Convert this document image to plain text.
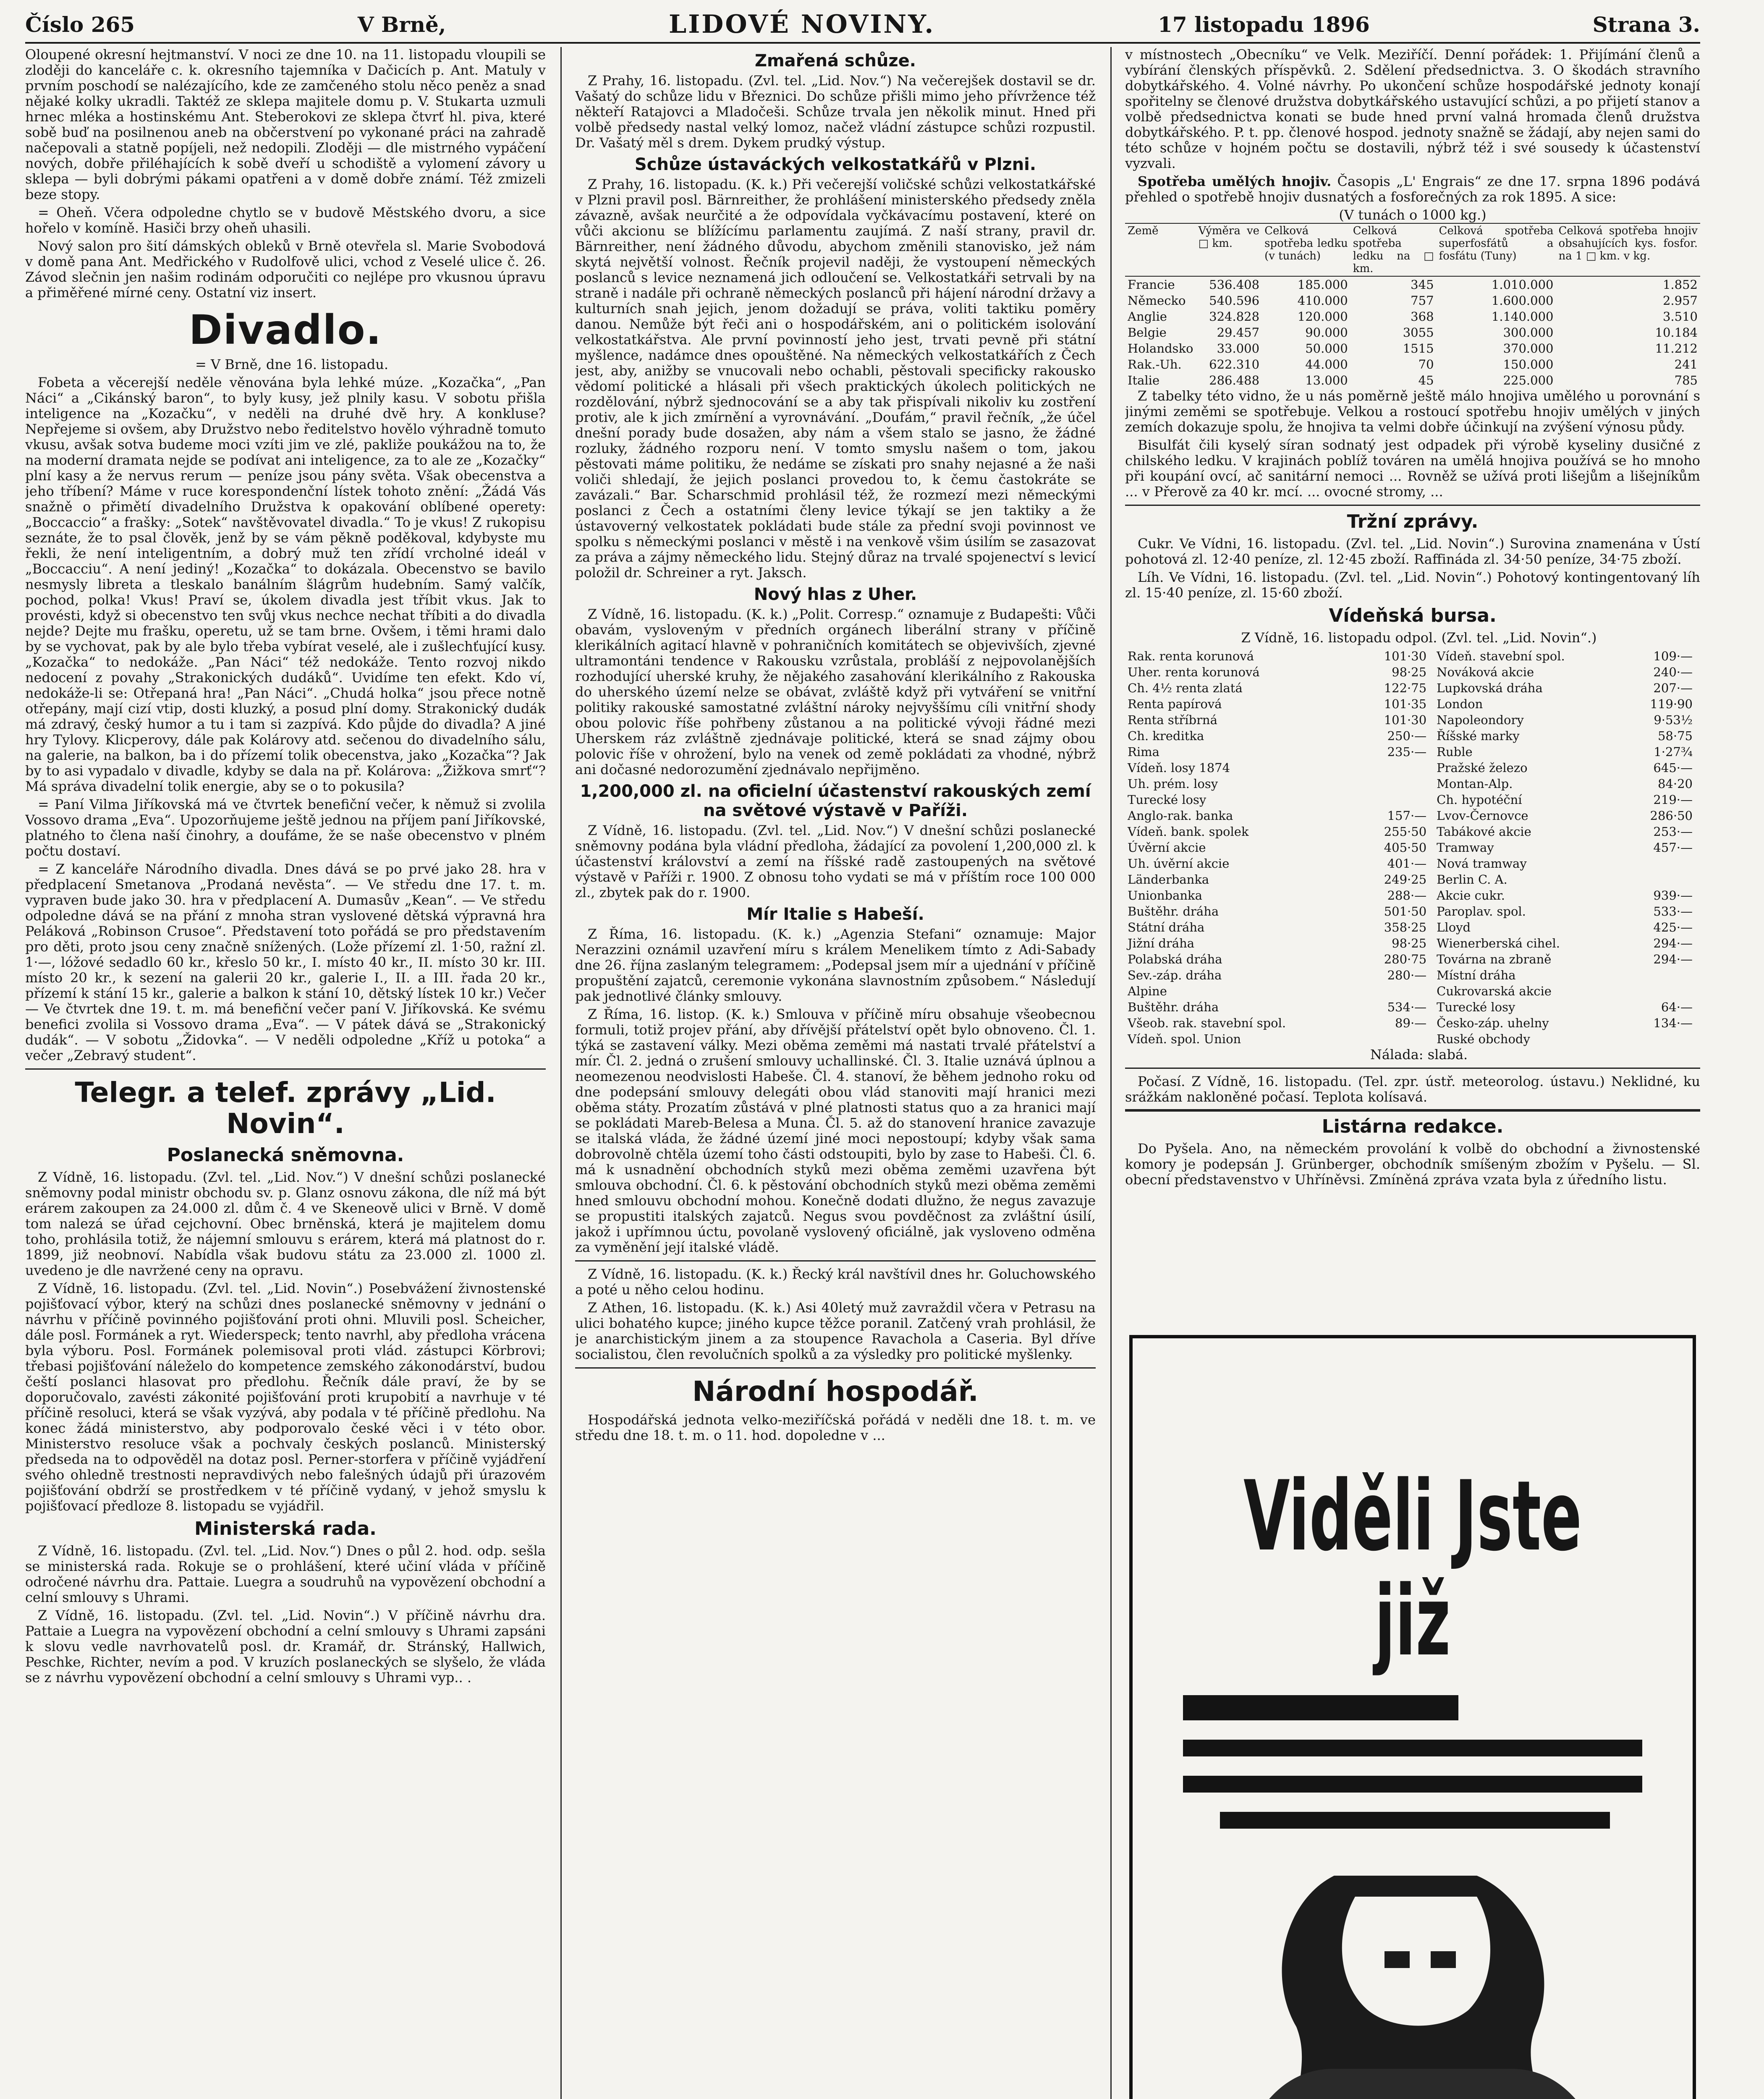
Číslo 265	V Brně,	LIDOVÉ NOVINY.	17 listopadu 1896	Strana 3.

Oloupené okresní hejtmanství. V noci ze dne 10. na 11. listopadu vloupili se zloději do kanceláře c. k. okresního tajemníka v Dačicích p. Ant. Matuly v prvním poschodí se nalézajícího, kde ze zamčeného stolu něco peněz a snad nějaké kolky ukradli. Taktéž ze sklepa majitele domu p. V. Stukarta uzmuli hrnec mléka a hostinskému Ant. Steberokovi ze sklepa čtvrť hl. piva, které sobě buď na posilnenou aneb na občerstvení po vykonané práci na zahradě načepovali a statně popíjeli, než nedopili. Zloději — dle mistrného vypáčení nových, dobře přiléhajících k sobě dveří u schodiště a vylomení závory u sklepa — byli dobrými pákami opatřeni a v domě dobře známí. Též zmizeli beze stopy.

= Oheň. Včera odpoledne chytlo se v budově Městského dvoru, a sice hořelo v komíně. Hasiči brzy oheň uhasili.

Nový salon pro šití dámských obleků v Brně otevřela sl. Marie Svobodová v domě pana Ant. Medřického v Rudolfově ulici, vchod z Veselé ulice č. 26. Závod slečnin jen našim rodinám odporučiti co nejlépe pro vkusnou úpravu a přiměřené mírné ceny. Ostatní viz insert.

Divadlo.

= V Brně, dne 16. listopadu.

Fobeta a věcerejší neděle věnována byla lehké múze. „Kozačka“, „Pan Náci“ a „Cikánský baron“, to byly kusy, jež plnily kasu. V sobotu přišla inteligence na „Kozačku“, v neděli na druhé dvě hry. A konkluse? Nepřejeme si ovšem, aby Družstvo nebo ředitelstvo hovělo výhradně tomuto vkusu, avšak sotva budeme moci vzíti jim ve zlé, pakliže poukážou na to, že na moderní dramata nejde se podívat ani inteligence, za to ale ze „Kozačky“ plní kasy a že nervus rerum — peníze jsou pány světa. Však obecenstva a jeho tříbení? Máme v ruce korespondenční lístek tohoto znění: „Žádá Vás snažně o přimětí divadelního Družstva k opakování oblíbené operety: „Boccaccio“ a frašky: „Sotek“ navštěvovatel divadla.“ To je vkus! Z rukopisu seznáte, že to psal člověk, jenž by se vám pěkně poděkoval, kdybyste mu řekli, že není inteligentním, a dobrý muž ten zřídí vrcholné ideál v „Boccacciu“. A není jediný! „Kozačka“ to dokázala. Obecenstvo se bavilo nesmysly libreta a tleskalo banálním šlágrům hudebním. Samý valčík, pochod, polka! Vkus! Praví se, úkolem divadla jest tříbit vkus. Jak to provésti, když si obecenstvo ten svůj vkus nechce nechat tříbiti a do divadla nejde? Dejte mu frašku, operetu, už se tam brne. Ovšem, i těmi hrami dalo by se vychovat, pak by ale bylo třeba vybírat veselé, ale i zušlechťující kusy. „Kozačka“ to nedokáže. „Pan Náci“ též nedokáže. Tento rozvoj nikdo nedocení z povahy „Strakonických dudáků“. Uvidíme ten efekt. Kdo ví, nedokáže-li se: Otřepaná hra! „Pan Náci“. „Chudá holka“ jsou přece notně otřepány, mají cizí vtip, dosti kluzký, a posud plní domy. Strakonický dudák má zdravý, český humor a tu i tam si zazpívá. Kdo půjde do divadla? A jiné hry Tylovy. Klicperovy, dále pak Kolárovy atd. sečenou do divadelního sálu, na galerie, na balkon, ba i do přízemí tolik obecenstva, jako „Kozačka“? Jak by to asi vypadalo v divadle, kdyby se dala na př. Kolárova: „Žižkova smrť“? Má správa divadelní tolik energie, aby se o to pokusila?

= Paní Vilma Jiříkovská má ve čtvrtek benefiční večer, k němuž si zvolila Vossovo drama „Eva“. Upozorňujeme ještě jednou na příjem paní Jiříkovské, platného to člena naší činohry, a doufáme, že se naše obecenstvo v plném počtu dostaví.

= Z kanceláře Národního divadla. Dnes dává se po prvé jako 28. hra v předplacení Smetanova „Prodaná nevěsta“. — Ve středu dne 17. t. m. vypraven bude jako 30. hra v předplacení A. Dumasův „Kean“. — Ve středu odpoledne dává se na přání z mnoha stran vyslovené dětská výpravná hra Peláková „Robinson Crusoe“. Představení toto pořádá se pro představením pro děti, proto jsou ceny značně snížených. (Lože přízemí zl. 1·50, ražní zl. 1·—, lóžové sedadlo 60 kr., křeslo 50 kr., I. místo 40 kr., II. místo 30 kr. III. místo 20 kr., k sezení na galerii 20 kr., galerie I., II. a III. řada 20 kr., přízemí k stání 15 kr., galerie a balkon k stání 10, dětský lístek 10 kr.) Večer — Ve čtvrtek dne 19. t. m. má benefiční večer paní V. Jiříkovská. Ke svému benefici zvolila si Vossovo drama „Eva“. — V pátek dává se „Strakonický dudák“. — V sobotu „Židovka“. — V neděli odpoledne „Kříž u potoka“ a večer „Zebravý student“.

Telegr. a telef. zprávy „Lid. Novin“.
Poslanecká sněmovna.

Z Vídně, 16. listopadu. (Zvl. tel. „Lid. Nov.“) V dnešní schůzi poslanecké sněmovny podal ministr obchodu sv. p. Glanz osnovu zákona, dle níž má být erárem zakoupen za 24.000 zl. dům č. 4 ve Skeneově ulici v Brně. V domě tom nalezá se úřad cejchovní. Obec brněnská, která je majitelem domu toho, prohlásila totiž, že nájemní smlouvu s erárem, která má platnost do r. 1899, již neobnoví. Nabídla však budovu státu za 23.000 zl. 1000 zl. uvedeno je dle navržené ceny na opravu.

Z Vídně, 16. listopadu. (Zvl. tel. „Lid. Novin“.) Posebvážení živnostenské pojišťovací výbor, který na schůzi dnes poslanecké sněmovny v jednání o návrhu v příčině povinného pojišťování proti ohni. Mluvili posl. Scheicher, dále posl. Formánek a ryt. Wiederspeck; tento navrhl, aby předloha vrácena byla výboru. Posl. Formánek polemisoval proti vlád. zástupci Körbrovi; třebasi pojišťování náleželo do kompetence zemského zákonodárství, budou čeští poslanci hlasovat pro předlohu. Řečník dále praví, že by se doporučovalo, zavésti zákonité pojišťování proti krupobití a navrhuje v té příčině resoluci, která se však vyzývá, aby podala v té příčině předlohu. Na konec žádá ministerstvo, aby podporovalo české věci i v této obor. Ministerstvo resoluce však a pochvaly českých poslanců. Ministerský předseda na to odpověděl na dotaz posl. Perner-storfera v příčině vyjádření svého ohledně trestnosti nepravdivých nebo falešných údajů při úrazovém pojišťování obdrží se prostředkem v té příčině vydaný, v jehož smyslu k pojišťovací předloze 8. listopadu se vyjádřil.

Ministerská rada.

Z Vídně, 16. listopadu. (Zvl. tel. „Lid. Nov.“) Dnes o půl 2. hod. odp. sešla se ministerská rada. Rokuje se o prohlášení, které učiní vláda v příčině odročené návrhu dra. Pattaie. Luegra a soudruhů na vypovězení obchodní a celní smlouvy s Uhrami.

Z Vídně, 16. listopadu. (Zvl. tel. „Lid. Novin“.) V příčině návrhu dra. Pattaie a Luegra na vypovězení obchodní a celní smlouvy s Uhrami zapsáni k slovu vedle navrhovatelů posl. dr. Kramář, dr. Stránský, Hallwich, Peschke, Richter, nevím a pod. V kruzích poslaneckých se slyšelo, že vláda se z návrhu vypovězení obchodní a celní smlouvy s Uhrami vyp.. .

Zmařená schůze.

Z Prahy, 16. listopadu. (Zvl. tel. „Lid. Nov.“) Na večerejšek dostavil se dr. Vašatý do schůze lidu v Březnici. Do schůze přišli mimo jeho přívržence též někteří Ratajovci a Mladočeši. Schůze trvala jen několik minut. Hned při volbě předsedy nastal velký lomoz, načež vládní zástupce schůzi rozpustil. Dr. Vašatý měl s drem. Dykem prudký výstup.

Schůze ústaváckých velkostatkářů v Plzni.

Z Prahy, 16. listopadu. (K. k.) Při večerejší voličské schůzi velkostatkářské v Plzni pravil posl. Bärnreither, že prohlášení ministerského předsedy zněla závazně, avšak neurčité a že odpovídala vyčkávacímu postavení, které on vůči akcionu se blížícímu parlamentu zaujímá. Z naší strany, pravil dr. Bärnreither, není žádného důvodu, abychom změnili stanovisko, jež nám skytá největší volnost. Řečník projevil naději, že vystoupení německých poslanců s levice neznamená jich odloučení se. Velkostatkáři setrvali by na straně i nadále při ochraně německých poslanců při hájení národní državy a kulturních snah jejich, jenom dožadují se práva, voliti taktiku pomĕry danou. Nemůže být řeči ani o hospodářském, ani o politickém isolování velkostatkářstva. Ale první povinností jeho jest, trvati pevně při státní myšlence, nadámce dnes opouštěné. Na německých velkostatkářích z Čech jest, aby, anižby se vnucovali nebo ochabli, pěstovali specificky rakousko vědomí politické a hlásali při všech praktických úkolech politických ne rozdělování, nýbrž sjednocování se a aby tak přispívali nikoliv ku zostření protiv, ale k jich zmírnění a vyrovnávání. „Doufám,“ pravil řečník, „že účel dnešní porady bude dosažen, aby nám a všem stalo se jasno, že žádné rozluky, žádného rozporu není. V tomto smyslu našem o tom, jakou pěstovati máme politiku, že nedáme se získati pro snahy nejasné a že naši voliči shledají, že jejich poslanci provedou to, k čemu častokráte se zavázali.“ Bar. Scharschmid prohlásil též, že rozmezí mezi německými poslanci z Čech a ostatními členy levice týkají se jen taktiky a že ústavoverný velkostatek pokládati bude stále za přední svoji povinnost ve spolku s německými poslanci v městě i na venkově všim úsilím se zasazovat za práva a zájmy německého lidu. Stejný důraz na trvalé spojenectví s levicí položil dr. Schreiner a ryt. Jaksch.

Nový hlas z Uher.

Z Vídně, 16. listopadu. (K. k.) „Polit. Corresp.“ oznamuje z Budapešti: Vůči obavám, vysloveným v předních orgánech liberální strany v příčině klerikálních agitací hlavně v pohraničních komitátech se objevivších, zjevné ultramontáni tendence v Rakousku vzrůstala, probláší z nejpovolanějších rozhodující uherské kruhy, že nějakého zasahování klerikálního z Rakouska do uherského území nelze se obávat, zvláště když při vytváření se vnitřní politiky rakouské samostatné zvláštní nároky nejvyššímu cíli vnitřní shody obou polovic říše pohřbeny zůstanou a na politické vývoji řádné mezi Uherskem ráz zvláštně zjednávaje politické, která se snad zájmy obou polovic říše v ohrožení, bylo na venek od země pokládati za vhodné, nýbrž ani dočasné nedorozumění zjednávalo nepřijměno.

1,200,000 zl. na oficielní účastenství rakouských zemí na světové výstavě v Paříži.

Z Vídně, 16. listopadu. (Zvl. tel. „Lid. Nov.“) V dnešní schůzi poslanecké sněmovny podána byla vládní předloha, žádající za povolení 1,200,000 zl. k účastenství království a zemí na říšské radě zastoupených na světové výstavě v Paříži r. 1900. Z obnosu toho vydati se má v příštím roce 100 000 zl., zbytek pak do r. 1900.

Mír Italie s Habeší.

Z Říma, 16. listopadu. (K. k.) „Agenzia Stefani“ oznamuje: Major Nerazzini oznámil uzavření míru s králem Menelikem tímto z Adi-Sabady dne 26. října zaslaným telegramem: „Podepsal jsem mír a ujednání v příčině propuštění zajatců, ceremonie vykonána slavnostním způsobem.“ Následují pak jednotlivé články smlouvy.

Z Říma, 16. listop. (K. k.) Smlouva v příčině míru obsahuje všeobecnou formuli, totiž projev přání, aby dřívější přátelství opět bylo obnoveno. Čl. 1. týká se zastavení války. Mezi oběma zeměmi má nastati trvalé přátelství a mír. Čl. 2. jedná o zrušení smlouvy uchallinské. Čl. 3. Italie uznává úplnou a neomezenou neodvislosti Habeše. Čl. 4. stanoví, že během jednoho roku od dne podepsání smlouvy delegáti obou vlád stanoviti mají hranici mezi oběma státy. Prozatím zůstává v plné platnosti status quo a za hranici mají se pokládati Mareb-Belesa a Muna. Čl. 5. až do stanovení hranice zavazuje se italská vláda, že žádné území jiné moci nepostoupí; kdyby však sama dobrovolně chtěla území toho části odstoupiti, bylo by zase to Habeši. Čl. 6. má k usnadnění obchodních styků mezi oběma zeměmi uzavřena být smlouva obchodní. Čl. 6. k pěstování obchodních styků mezi oběma zeměmi hned smlouvu obchodní mohou. Konečně dodati dlužno, že negus zavazuje se propustiti italských zajatců. Negus svou povděčnost za zvláštní úsilí, jakož i upřímnou úctu, povolaně vyslovený oficiálně, jak vysloveno odměna za vyměnění její italské vládě.

Z Vídně, 16. listopadu. (K. k.) Řecký král navštívil dnes hr. Goluchowského a poté u něho celou hodinu.

Z Athen, 16. listopadu. (K. k.) Asi 40letý muž zavraždil včera v Petrasu na ulici bohatého kupce; jiného kupce těžce poranil. Zatčený vrah prohlásil, že je anarchistickým jinem a za stoupence Ravachola a Caseria. Byl dříve socialistou, člen revolučních spolků a za výsledky pro politické myšlenky.

Národní hospodář.

Hospodářská jednota velko-meziříčská pořádá v neděli dne 18. t. m. ve středu dne 18. t. m. o 11. hod. dopoledne v ...

v místnostech „Obecníku“ ve Velk. Meziříčí. Denní pořádek: 1. Přijímání členů a vybírání členských příspěvků. 2. Sdělení předsednictva. 3. O škodách stravního dobytkářského. 4. Volné návrhy. Po ukončení schůze hospodářské jednoty konají spořitelny se členové družstva dobytkářského ustavující schůzi, a po přijetí stanov a volbě předsednictva konati se bude hned první valná hromada členů družstva dobytkářského. P. t. pp. členové hospod. jednoty snažně se žádají, aby nejen sami do této schůze v hojném počtu se dostavili, nýbrž též i své sousedy k účastenství vyzvali.

Spotřeba umělých hnojiv. Časopis „L' Engrais“ ze dne 17. srpna 1896 podává přehled o spotřebě hnojiv dusnatých a fosforečných za rok 1895. A sice:

(V tunách o 1000 kg.)
Země	Výměra ve □ km.	Celková spotřeba ledku (v tunách)	Celková spotřeba ledku na □ km.	Celková spotřeba superfosfátů a fosfátu (Tuny)	Celková spotřeba hnojiv obsahujících kys. fosfor. na 1 □ km. v kg.
Francie	536.408	185.000	345	1.010.000	1.852
Německo	540.596	410.000	757	1.600.000	2.957
Anglie	324.828	120.000	368	1.140.000	3.510
Belgie	29.457	90.000	3055	300.000	10.184
Holandsko	33.000	50.000	1515	370.000	11.212
Rak.-Uh.	622.310	44.000	70	150.000	241
Italie	286.488	13.000	45	225.000	785

Z tabelky této vidno, že u nás poměrně ještě málo hnojiva umělého u porovnání s jinými zeměmi se spotřebuje. Velkou a rostoucí spotřebu hnojiv umělých v jiných zemích dokazuje spolu, že hnojiva ta velmi dobře účinkují na zvýšení výnosu půdy.

Bisulfát čili kyselý síran sodnatý jest odpadek při výrobě kyseliny dusičné z chilského ledku. V krajinách poblíž továren na umělá hnojiva používá se ho mnoho při koupání ovcí, ač sanitární nemoci ... Rovněž se užívá proti lišejům a lišejníkům ... v Přerově za 40 kr. mcí. ... ovocné stromy, ...

Tržní zprávy.

Cukr. Ve Vídni, 16. listopadu. (Zvl. tel. „Lid. Novin“.) Surovina znamenána v Ústí pohotová zl. 12·40 peníze, zl. 12·45 zboží. Raffináda zl. 34·50 peníze, 34·75 zboží.

Líh. Ve Vídni, 16. listopadu. (Zvl. tel. „Lid. Novin“.) Pohotový kontingentovaný líh zl. 15·40 peníze, zl. 15·60 zboží.

Vídeňská bursa.

Z Vídně, 16. listopadu odpol. (Zvl. tel. „Lid. Novin“.)

Rak. renta korunová	101·30	Vídeň. stavební spol.	109·—
Uher. renta korunová	98·25	Nováková akcie	240·—
Ch. 4½ renta zlatá	122·75	Lupkovská dráha	207·—
Renta papírová	101·35	London	119·90
Renta stříbrná	101·30	Napoleondory	9·53½
Ch. kreditka	250·—	Říšské marky	58·75
Rima	235·—	Ruble	1·27¾
Vídeň. losy 1874		Pražské železo	645·—
Uh. prém. losy		Montan-Alp.	84·20
Turecké losy		Ch. hypotéční	219·—
Anglo-rak. banka	157·—	Lvov-Černovce	286·50
Vídeň. bank. spolek	255·50	Tabákové akcie	253·—
Úvěrní akcie	405·50	Tramway	457·—
Uh. úvěrní akcie	401·—	Nová tramway	
Länderbanka	249·25	Berlin C. A.	
Unionbanka	288·—	Akcie cukr.	939·—
Buštěhr. dráha	501·50	Paroplav. spol.	533·—
Státní dráha	358·25	Lloyd	425·—
Jižní dráha	98·25	Wienerberská cihel.	294·—
Polabská dráha	280·75	Továrna na zbraně	294·—
Sev.-záp. dráha	280·—	Místní dráha	
Alpine		Cukrovarská akcie	
Buštěhr. dráha	534·—	Turecké losy	64·—
Všeob. rak. stavební spol.	89·—	Česko-záp. uhelny	134·—
Vídeň. spol. Union		Ruské obchody	

Nálada: slabá.

Počasí. Z Vídně, 16. listopadu. (Tel. zpr. ústř. meteorolog. ústavu.) Neklidné, ku srážkám nakloněné počasí. Teplota kolísavá.

Listárna redakce.

Do Pyšela. Ano, na německém provolání k volbě do obchodní a živnostenské komory je podepsán J. Grünberger, obchodník smíšeným zbožím v Pyšelu. — Sl. obecní představenstvo v Uhříněvsi. Zmíněná zpráva vzata byla z úředního listu.

Viděli Jste
již
